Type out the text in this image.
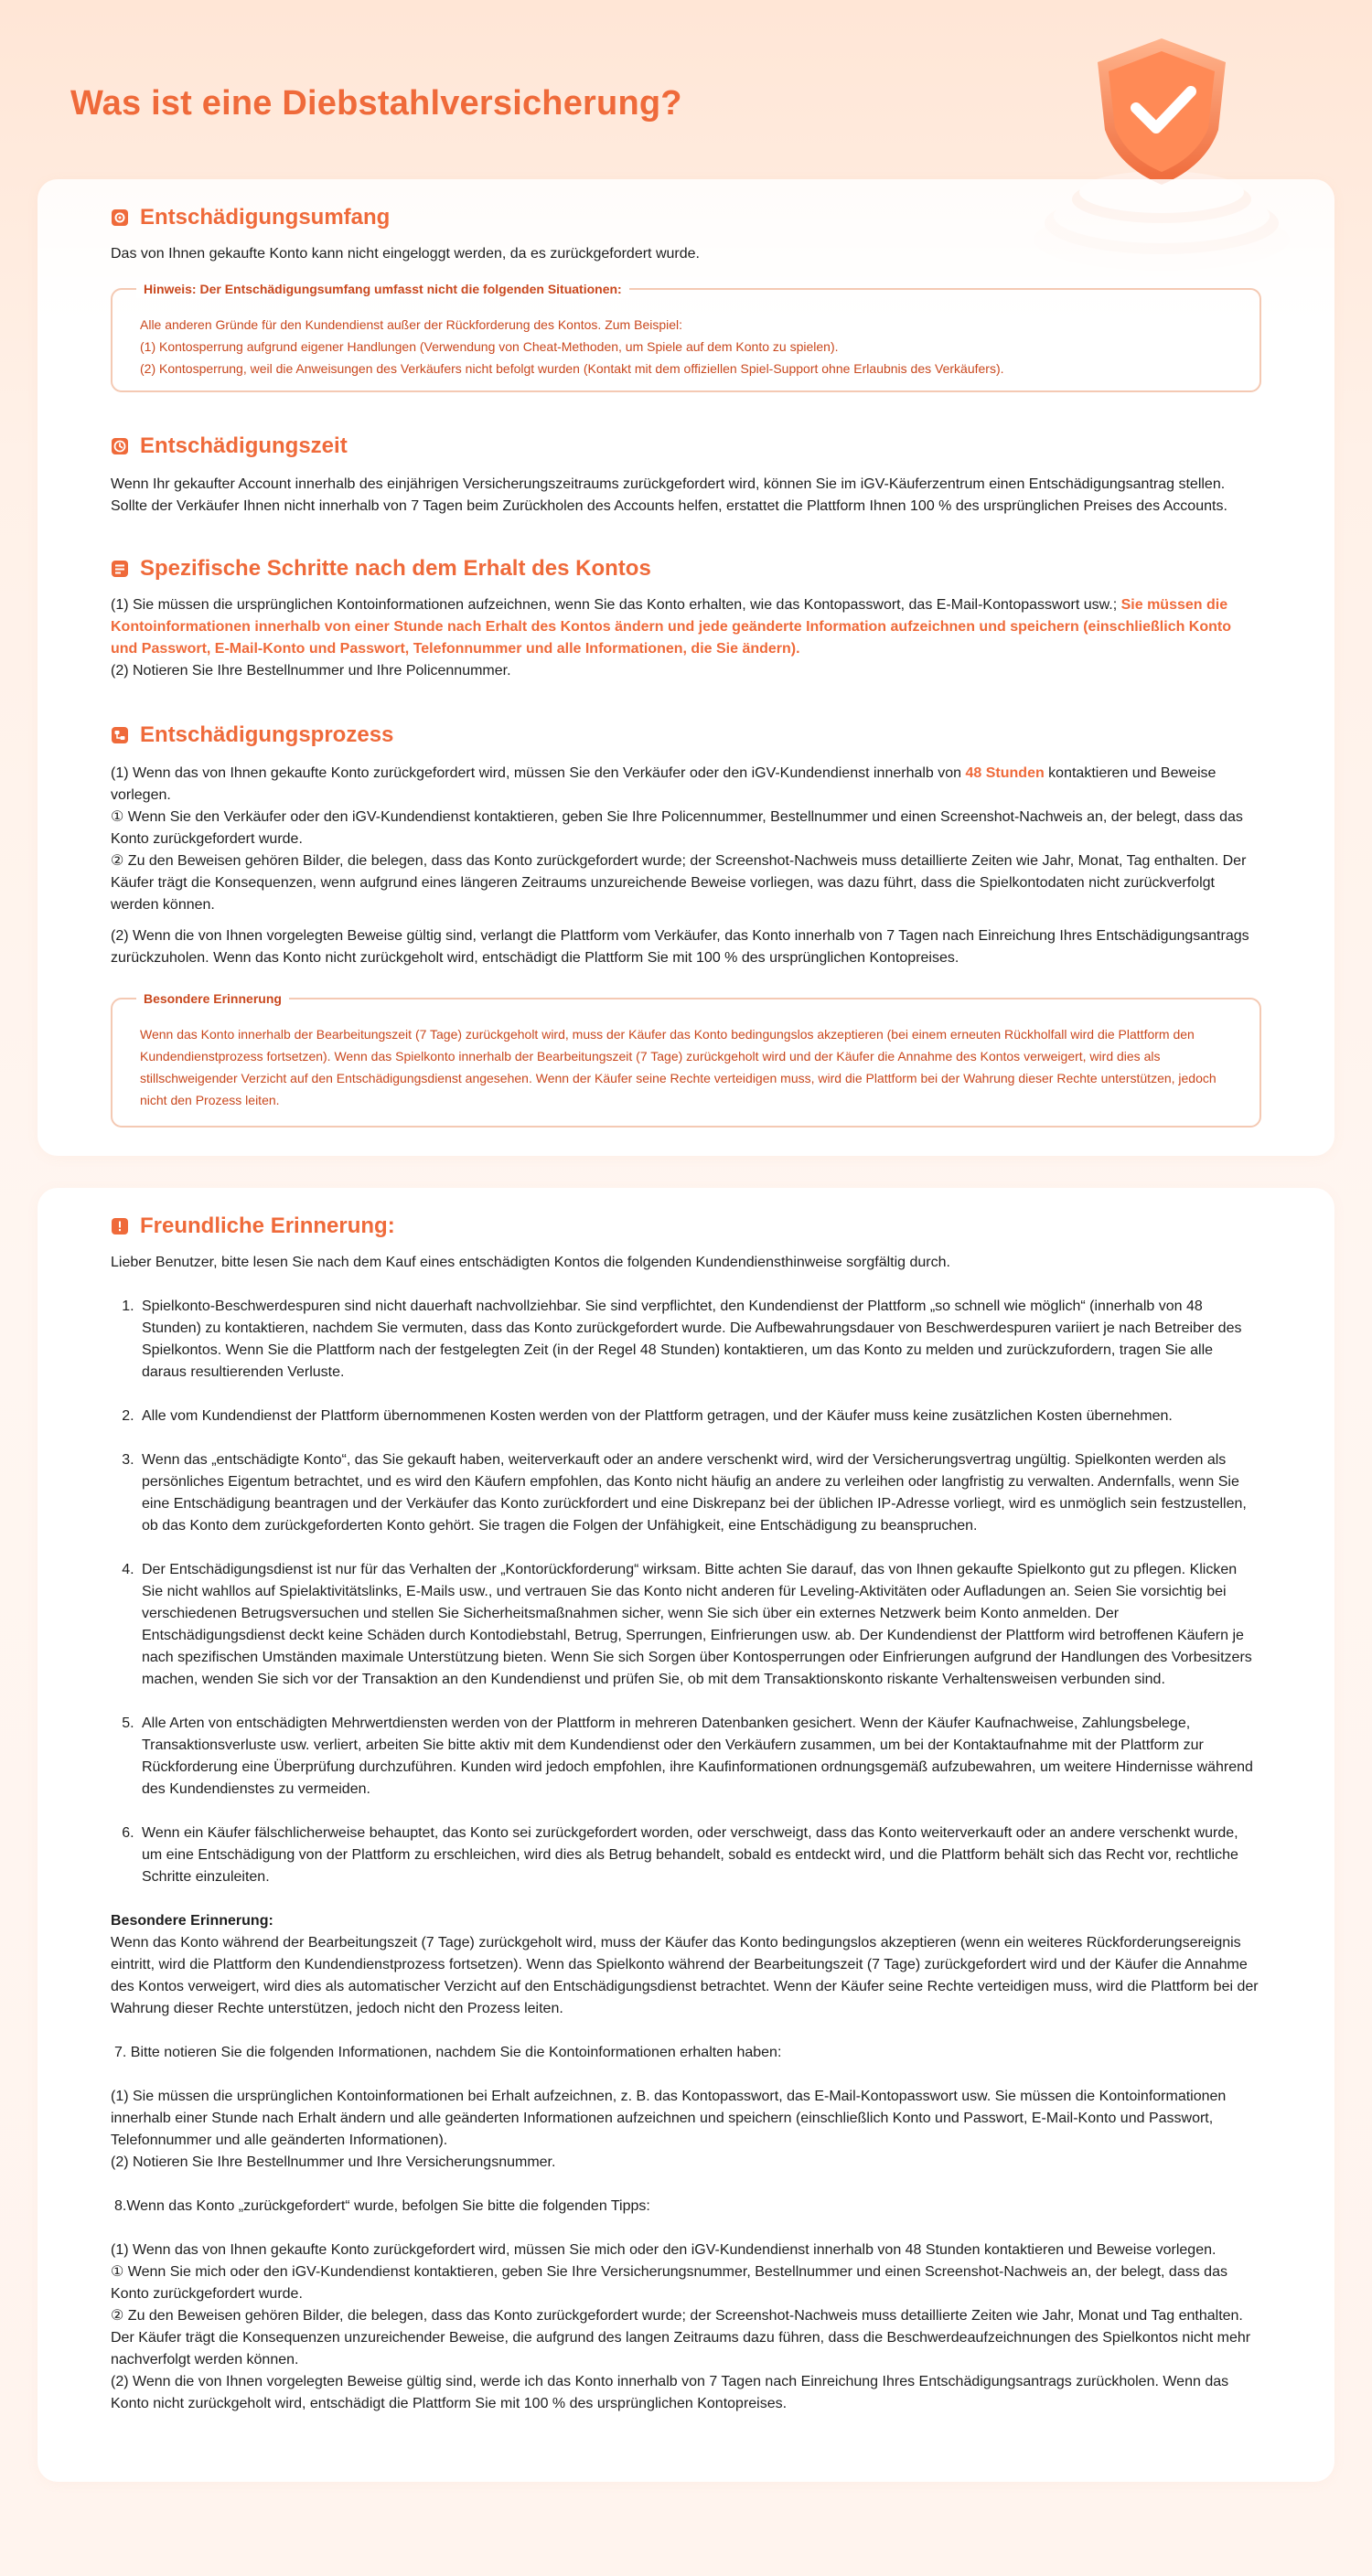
Was ist eine Diebstahlversicherung?
Entschädigungsumfang

Das von Ihnen gekaufte Konto kann nicht eingeloggt werden, da es zurückgefordert wurde.

Hinweis: Der Entschädigungsumfang umfasst nicht die folgenden Situationen:

Alle anderen Gründe für den Kundendienst außer der Rückforderung des Kontos. Zum Beispiel:

(1) Kontosperrung aufgrund eigener Handlungen (Verwendung von Cheat-Methoden, um Spiele auf dem Konto zu spielen).

(2) Kontosperrung, weil die Anweisungen des Verkäufers nicht befolgt wurden (Kontakt mit dem offiziellen Spiel-Support ohne Erlaubnis des Verkäufers).

Entschädigungszeit

Wenn Ihr gekaufter Account innerhalb des einjährigen Versicherungszeitraums zurückgefordert wird, können Sie im iGV-Käuferzentrum einen Entschädigungsantrag stellen. Sollte der Verkäufer Ihnen nicht innerhalb von 7 Tagen beim Zurückholen des Accounts helfen, erstattet die Plattform Ihnen 100 % des ursprünglichen Preises des Accounts.

Spezifische Schritte nach dem Erhalt des Kontos

(1) Sie müssen die ursprünglichen Kontoinformationen aufzeichnen, wenn Sie das Konto erhalten, wie das Kontopasswort, das E-Mail-Kontopasswort usw.; Sie müssen die Kontoinformationen innerhalb von einer Stunde nach Erhalt des Kontos ändern und jede geänderte Information aufzeichnen und speichern (einschließlich Konto und Passwort, E-Mail-Konto und Passwort, Telefonnummer und alle Informationen, die Sie ändern).

(2) Notieren Sie Ihre Bestellnummer und Ihre Policennummer.

Entschädigungsprozess

(1) Wenn das von Ihnen gekaufte Konto zurückgefordert wird, müssen Sie den Verkäufer oder den iGV-Kundendienst innerhalb von 48 Stunden kontaktieren und Beweise vorlegen.

① Wenn Sie den Verkäufer oder den iGV-Kundendienst kontaktieren, geben Sie Ihre Policennummer, Bestellnummer und einen Screenshot-Nachweis an, der belegt, dass das Konto zurückgefordert wurde.

② Zu den Beweisen gehören Bilder, die belegen, dass das Konto zurückgefordert wurde; der Screenshot-Nachweis muss detaillierte Zeiten wie Jahr, Monat, Tag enthalten. Der Käufer trägt die Konsequenzen, wenn aufgrund eines längeren Zeitraums unzureichende Beweise vorliegen, was dazu führt, dass die Spielkontodaten nicht zurückverfolgt werden können.

(2) Wenn die von Ihnen vorgelegten Beweise gültig sind, verlangt die Plattform vom Verkäufer, das Konto innerhalb von 7 Tagen nach Einreichung Ihres Entschädigungsantrags zurückzuholen. Wenn das Konto nicht zurückgeholt wird, entschädigt die Plattform Sie mit 100 % des ursprünglichen Kontopreises.

Besondere Erinnerung

Wenn das Konto innerhalb der Bearbeitungszeit (7 Tage) zurückgeholt wird, muss der Käufer das Konto bedingungslos akzeptieren (bei einem erneuten Rückholfall wird die Plattform den Kundendienstprozess fortsetzen). Wenn das Spielkonto innerhalb der Bearbeitungszeit (7 Tage) zurückgeholt wird und der Käufer die Annahme des Kontos verweigert, wird dies als stillschweigender Verzicht auf den Entschädigungsdienst angesehen. Wenn der Käufer seine Rechte verteidigen muss, wird die Plattform bei der Wahrung dieser Rechte unterstützen, jedoch nicht den Prozess leiten.

Freundliche Erinnerung:

Lieber Benutzer, bitte lesen Sie nach dem Kauf eines entschädigten Kontos die folgenden Kundendiensthinweise sorgfältig durch.

1. Spielkonto-Beschwerdespuren sind nicht dauerhaft nachvollziehbar. Sie sind verpflichtet, den Kundendienst der Plattform „so schnell wie möglich“ (innerhalb von 48 Stunden) zu kontaktieren, nachdem Sie vermuten, dass das Konto zurückgefordert wurde. Die Aufbewahrungsdauer von Beschwerdespuren variiert je nach Betreiber des Spielkontos. Wenn Sie die Plattform nach der festgelegten Zeit (in der Regel 48 Stunden) kontaktieren, um das Konto zu melden und zurückzufordern, tragen Sie alle daraus resultierenden Verluste.
2. Alle vom Kundendienst der Plattform übernommenen Kosten werden von der Plattform getragen, und der Käufer muss keine zusätzlichen Kosten übernehmen.
3. Wenn das „entschädigte Konto“, das Sie gekauft haben, weiterverkauft oder an andere verschenkt wird, wird der Versicherungsvertrag ungültig. Spielkonten werden als persönliches Eigentum betrachtet, und es wird den Käufern empfohlen, das Konto nicht häufig an andere zu verleihen oder langfristig zu verwalten. Andernfalls, wenn Sie eine Entschädigung beantragen und der Verkäufer das Konto zurückfordert und eine Diskrepanz bei der üblichen IP-Adresse vorliegt, wird es unmöglich sein festzustellen, ob das Konto dem zurückgeforderten Konto gehört. Sie tragen die Folgen der Unfähigkeit, eine Entschädigung zu beanspruchen.
4. Der Entschädigungsdienst ist nur für das Verhalten der „Kontorückforderung“ wirksam. Bitte achten Sie darauf, das von Ihnen gekaufte Spielkonto gut zu pflegen. Klicken Sie nicht wahllos auf Spielaktivitätslinks, E-Mails usw., und vertrauen Sie das Konto nicht anderen für Leveling-Aktivitäten oder Aufladungen an. Seien Sie vorsichtig bei verschiedenen Betrugsversuchen und stellen Sie Sicherheitsmaßnahmen sicher, wenn Sie sich über ein externes Netzwerk beim Konto anmelden. Der Entschädigungsdienst deckt keine Schäden durch Kontodiebstahl, Betrug, Sperrungen, Einfrierungen usw. ab. Der Kundendienst der Plattform wird betroffenen Käufern je nach spezifischen Umständen maximale Unterstützung bieten. Wenn Sie sich Sorgen über Kontosperrungen oder Einfrierungen aufgrund der Handlungen des Vorbesitzers machen, wenden Sie sich vor der Transaktion an den Kundendienst und prüfen Sie, ob mit dem Transaktionskonto riskante Verhaltensweisen verbunden sind.
5. Alle Arten von entschädigten Mehrwertdiensten werden von der Plattform in mehreren Datenbanken gesichert. Wenn der Käufer Kaufnachweise, Zahlungsbelege, Transaktionsverluste usw. verliert, arbeiten Sie bitte aktiv mit dem Kundendienst oder den Verkäufern zusammen, um bei der Kontaktaufnahme mit der Plattform zur Rückforderung eine Überprüfung durchzuführen. Kunden wird jedoch empfohlen, ihre Kaufinformationen ordnungsgemäß aufzubewahren, um weitere Hindernisse während des Kundendienstes zu vermeiden.
6. Wenn ein Käufer fälschlicherweise behauptet, das Konto sei zurückgefordert worden, oder verschweigt, dass das Konto weiterverkauft oder an andere verschenkt wurde, um eine Entschädigung von der Plattform zu erschleichen, wird dies als Betrug behandelt, sobald es entdeckt wird, und die Plattform behält sich das Recht vor, rechtliche Schritte einzuleiten.

Besondere Erinnerung:

Wenn das Konto während der Bearbeitungszeit (7 Tage) zurückgeholt wird, muss der Käufer das Konto bedingungslos akzeptieren (wenn ein weiteres Rückforderungsereignis eintritt, wird die Plattform den Kundendienstprozess fortsetzen). Wenn das Spielkonto während der Bearbeitungszeit (7 Tage) zurückgefordert wird und der Käufer die Annahme des Kontos verweigert, wird dies als automatischer Verzicht auf den Entschädigungsdienst betrachtet. Wenn der Käufer seine Rechte verteidigen muss, wird die Plattform bei der Wahrung dieser Rechte unterstützen, jedoch nicht den Prozess leiten.

7. Bitte notieren Sie die folgenden Informationen, nachdem Sie die Kontoinformationen erhalten haben:

(1) Sie müssen die ursprünglichen Kontoinformationen bei Erhalt aufzeichnen, z. B. das Kontopasswort, das E-Mail-Kontopasswort usw. Sie müssen die Kontoinformationen innerhalb einer Stunde nach Erhalt ändern und alle geänderten Informationen aufzeichnen und speichern (einschließlich Konto und Passwort, E-Mail-Konto und Passwort, Telefonnummer und alle geänderten Informationen).

(2) Notieren Sie Ihre Bestellnummer und Ihre Versicherungsnummer.

8.Wenn das Konto „zurückgefordert“ wurde, befolgen Sie bitte die folgenden Tipps:

(1) Wenn das von Ihnen gekaufte Konto zurückgefordert wird, müssen Sie mich oder den iGV-Kundendienst innerhalb von 48 Stunden kontaktieren und Beweise vorlegen.

① Wenn Sie mich oder den iGV-Kundendienst kontaktieren, geben Sie Ihre Versicherungsnummer, Bestellnummer und einen Screenshot-Nachweis an, der belegt, dass das Konto zurückgefordert wurde.

② Zu den Beweisen gehören Bilder, die belegen, dass das Konto zurückgefordert wurde; der Screenshot-Nachweis muss detaillierte Zeiten wie Jahr, Monat und Tag enthalten. Der Käufer trägt die Konsequenzen unzureichender Beweise, die aufgrund des langen Zeitraums dazu führen, dass die Beschwerdeaufzeichnungen des Spielkontos nicht mehr nachverfolgt werden können.

(2) Wenn die von Ihnen vorgelegten Beweise gültig sind, werde ich das Konto innerhalb von 7 Tagen nach Einreichung Ihres Entschädigungsantrags zurückholen. Wenn das Konto nicht zurückgeholt wird, entschädigt die Plattform Sie mit 100 % des ursprünglichen Kontopreises.
